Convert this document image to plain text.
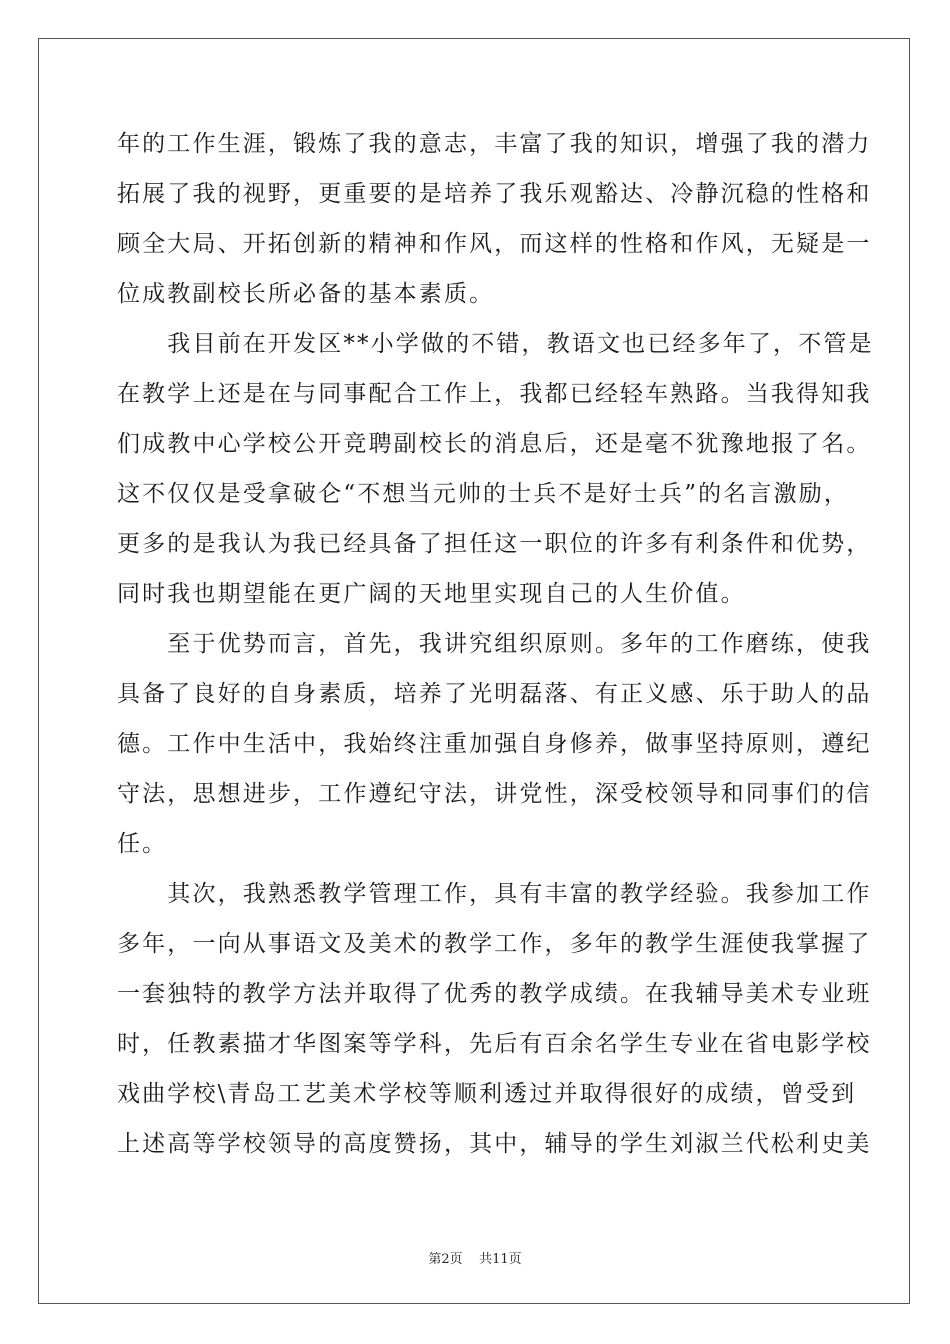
年的工作生涯，锻炼了我的意志，丰富了我的知识，增强了我的潜力
拓展了我的视野，更重要的是培养了我乐观豁达、冷静沉稳的性格和
顾全大局、开拓创新的精神和作风，而这样的性格和作风，无疑是一
位成教副校长所必备的基本素质。
　　我目前在开发区**小学做的不错，教语文也已经多年了，不管是
在教学上还是在与同事配合工作上，我都已经轻车熟路。当我得知我
们成教中心学校公开竞聘副校长的消息后，还是毫不犹豫地报了名。
这不仅仅是受拿破仑“不想当元帅的士兵不是好士兵”的名言激励，
更多的是我认为我已经具备了担任这一职位的许多有利条件和优势，
同时我也期望能在更广阔的天地里实现自己的人生价值。
　　至于优势而言，首先，我讲究组织原则。多年的工作磨练，使我
具备了良好的自身素质，培养了光明磊落、有正义感、乐于助人的品
德。工作中生活中，我始终注重加强自身修养，做事坚持原则，遵纪
守法，思想进步，工作遵纪守法，讲党性，深受校领导和同事们的信
任。
　　其次，我熟悉教学管理工作，具有丰富的教学经验。我参加工作
多年，一向从事语文及美术的教学工作，多年的教学生涯使我掌握了
一套独特的教学方法并取得了优秀的教学成绩。在我辅导美术专业班
时，任教素描才华图案等学科，先后有百余名学生专业在省电影学校
戏曲学校\青岛工艺美术学校等顺利透过并取得很好的成绩，曾受到
上述高等学校领导的高度赞扬，其中，辅导的学生刘淑兰代松利史美
第2页 共11页
